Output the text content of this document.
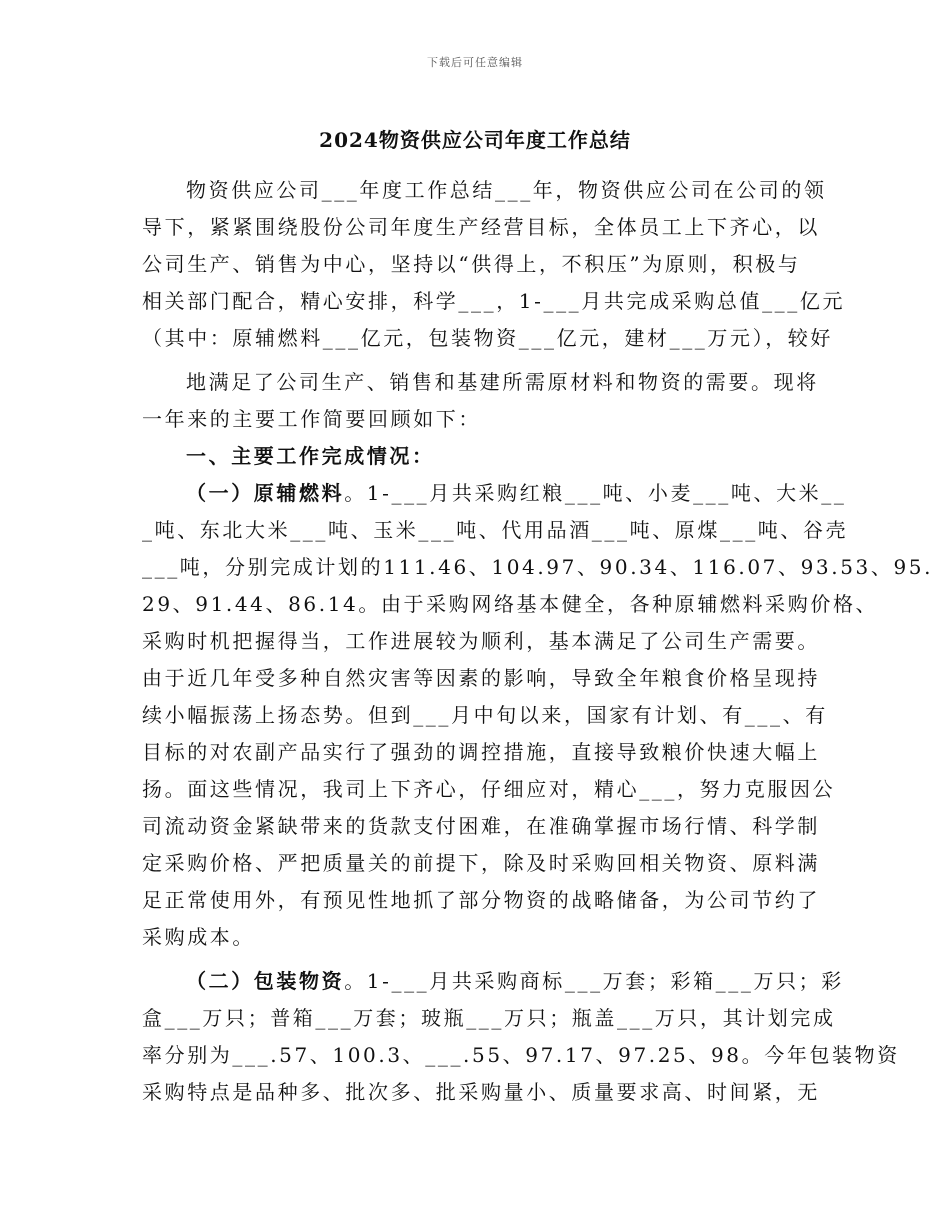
下载后可任意编辑
2024物资供应公司年度工作总结
物资供应公司___年度工作总结___年，物资供应公司在公司的领
导下，紧紧围绕股份公司年度生产经营目标，全体员工上下齐心，以
公司生产、销售为中心，坚持以“供得上，不积压”为原则，积极与
相关部门配合，精心安排，科学___，1-___月共完成采购总值___亿元
（其中：原辅燃料___亿元，包装物资___亿元，建材___万元），较好
地满足了公司生产、销售和基建所需原材料和物资的需要。现将
一年来的主要工作简要回顾如下：
一、主要工作完成情况：
（一）原辅燃料。1-___月共采购红粮___吨、小麦___吨、大米__
_吨、东北大米___吨、玉米___吨、代用品酒___吨、原煤___吨、谷壳
___吨，分别完成计划的111.46、104.97、90.34、116.07、93.53、95.
29、91.44、86.14。由于采购网络基本健全，各种原辅燃料采购价格、
采购时机把握得当，工作进展较为顺利，基本满足了公司生产需要。
由于近几年受多种自然灾害等因素的影响，导致全年粮食价格呈现持
续小幅振荡上扬态势。但到___月中旬以来，国家有计划、有___、有
目标的对农副产品实行了强劲的调控措施，直接导致粮价快速大幅上
扬。面这些情况，我司上下齐心，仔细应对，精心___，努力克服因公
司流动资金紧缺带来的货款支付困难，在准确掌握市场行情、科学制
定采购价格、严把质量关的前提下，除及时采购回相关物资、原料满
足正常使用外，有预见性地抓了部分物资的战略储备，为公司节约了
采购成本。
（二）包装物资。1-___月共采购商标___万套；彩箱___万只；彩
盒___万只；普箱___万套；玻瓶___万只；瓶盖___万只，其计划完成
率分别为___.57、100.3、___.55、97.17、97.25、98。今年包装物资
采购特点是品种多、批次多、批采购量小、质量要求高、时间紧，无
